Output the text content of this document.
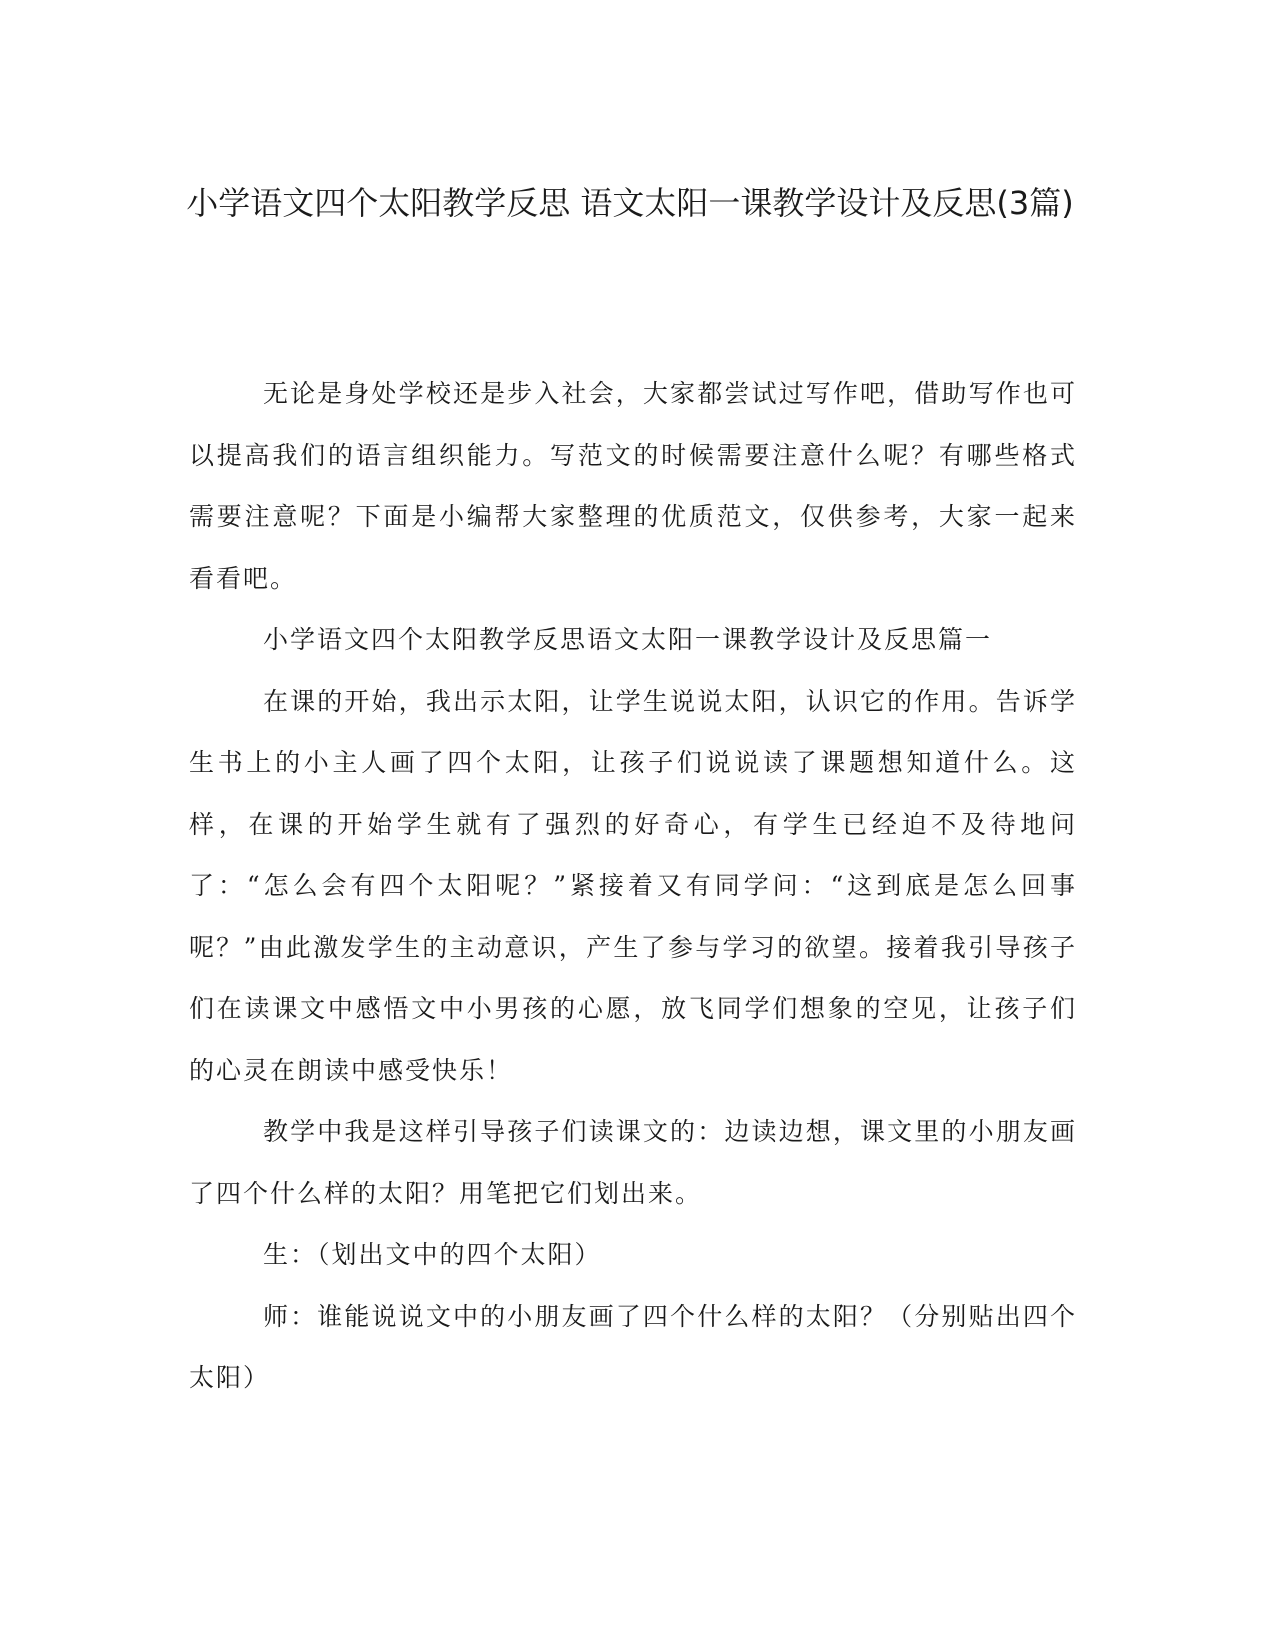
小学语文四个太阳教学反思 语文太阳一课教学设计及反思(3篇)

无论是身处学校还是步入社会，大家都尝试过写作吧，借助写作也可以提高我们的语言组织能力。写范文的时候需要注意什么呢？有哪些格式需要注意呢？下面是小编帮大家整理的优质范文，仅供参考，大家一起来看看吧。

小学语文四个太阳教学反思语文太阳一课教学设计及反思篇一

在课的开始，我出示太阳，让学生说说太阳，认识它的作用。告诉学生书上的小主人画了四个太阳，让孩子们说说读了课题想知道什么。这样，在课的开始学生就有了强烈的好奇心，有学生已经迫不及待地问了：“怎么会有四个太阳呢？”紧接着又有同学问：“这到底是怎么回事呢？”由此激发学生的主动意识，产生了参与学习的欲望。接着我引导孩子们在读课文中感悟文中小男孩的心愿，放飞同学们想象的空见，让孩子们的心灵在朗读中感受快乐！

教学中我是这样引导孩子们读课文的：边读边想，课文里的小朋友画了四个什么样的太阳？用笔把它们划出来。

生：（划出文中的四个太阳）

师：谁能说说文中的小朋友画了四个什么样的太阳？（分别贴出四个太阳）
